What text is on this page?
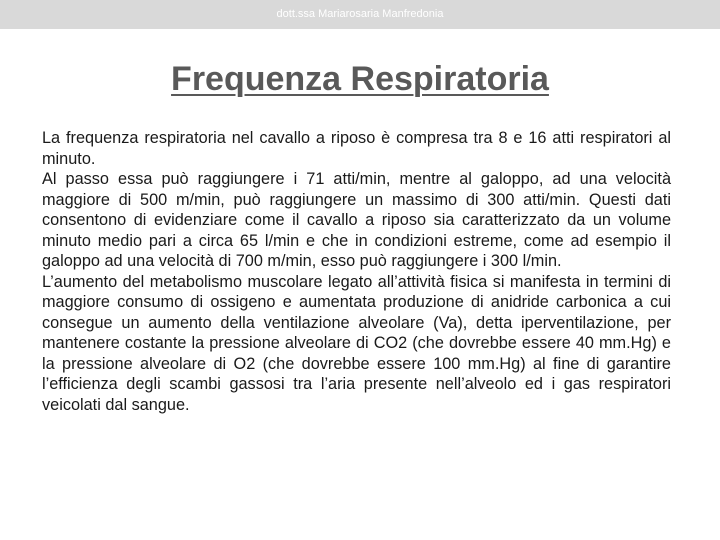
dott.ssa Mariarosaria Manfredonia
Frequenza Respiratoria

La frequenza respiratoria nel cavallo a riposo è compresa tra 8 e 16 atti respiratori al minuto.

Al passo essa può raggiungere i 71 atti/min, mentre al galoppo, ad una velocità maggiore di 500 m/min, può raggiungere un massimo di 300 atti/min. Questi dati consentono di evidenziare come il cavallo a riposo sia caratterizzato da un volume minuto medio pari a circa 65 l/min e che in condizioni estreme, come ad esempio il galoppo ad una velocità di 700 m/min, esso può raggiungere i 300 l/min.

L’aumento del metabolismo muscolare legato all’attività fisica si manifesta in termini di maggiore consumo di ossigeno e aumentata produzione di anidride carbonica a cui consegue un aumento della ventilazione alveolare (Va), detta iperventilazione, per mantenere costante la pressione alveolare di CO2 (che dovrebbe essere 40 mm.Hg) e la pressione alveolare di O2 (che dovrebbe essere 100 mm.Hg) al fine di garantire l’efficienza degli scambi gassosi tra l’aria presente nell’alveolo ed i gas respiratori veicolati dal sangue.
